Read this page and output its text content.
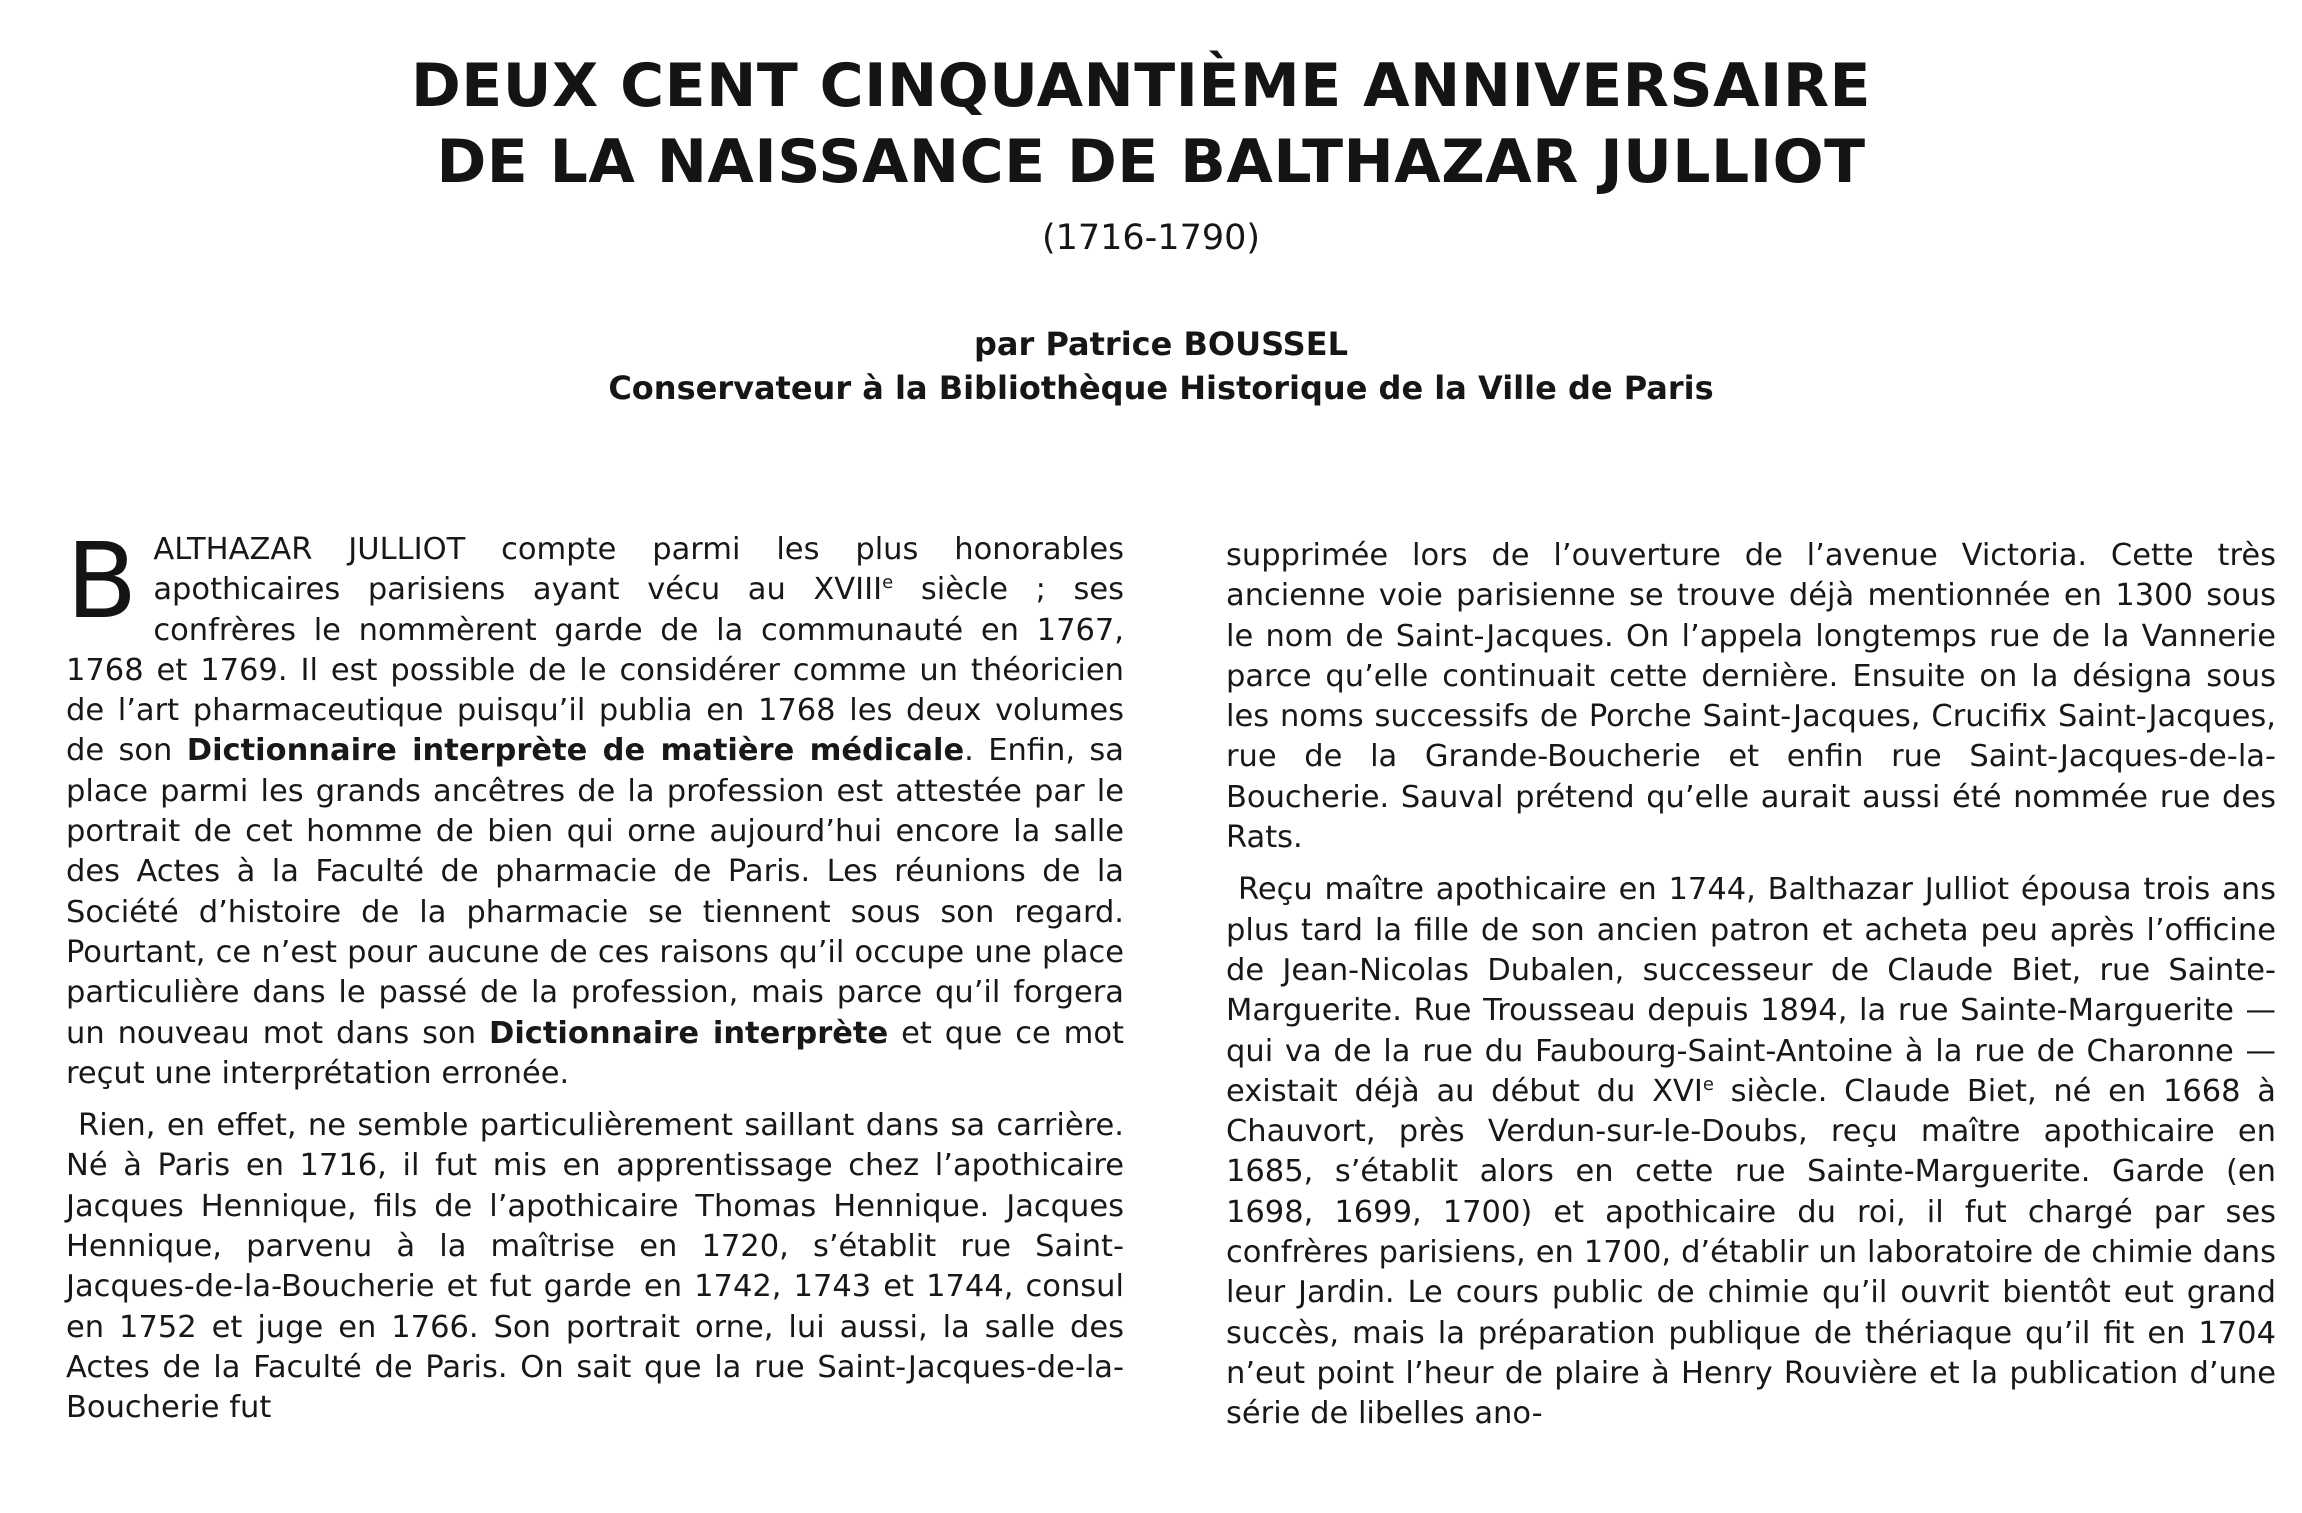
DEUX CENT CINQUANTIÈME ANNIVERSAIRE
DE LA NAISSANCE DE BALTHAZAR JULLIOT
(1716-1790)
par Patrice BOUSSEL
Conservateur à la Bibliothèque Historique de la Ville de Paris

BALTHAZAR JULLIOT compte parmi les plus honorables apothicaires parisiens ayant vécu au XVIIIe siècle ; ses confrères le nommèrent garde de la communauté en 1767, 1768 et 1769. Il est possible de le considérer comme un théoricien de l’art pharmaceutique puisqu’il publia en 1768 les deux volumes de son Dictionnaire interprète de matière médicale. Enfin, sa place parmi les grands ancêtres de la profession est attestée par le portrait de cet homme de bien qui orne aujourd’hui encore la salle des Actes à la Faculté de pharmacie de Paris. Les réunions de la Société d’histoire de la pharmacie se tiennent sous son regard. Pourtant, ce n’est pour aucune de ces raisons qu’il occupe une place particulière dans le passé de la profession, mais parce qu’il forgera un nouveau mot dans son Dictionnaire interprète et que ce mot reçut une interprétation erronée.

Rien, en effet, ne semble particulièrement saillant dans sa carrière. Né à Paris en 1716, il fut mis en apprentissage chez l’apothicaire Jacques Hennique, fils de l’apothicaire Thomas Hennique. Jacques Hennique, parvenu à la maîtrise en 1720, s’établit rue Saint-Jacques-de-la-Boucherie et fut garde en 1742, 1743 et 1744, consul en 1752 et juge en 1766. Son portrait orne, lui aussi, la salle des Actes de la Faculté de Paris. On sait que la rue Saint-Jacques-de-la-Boucherie fut

supprimée lors de l’ouverture de l’avenue Victoria. Cette très ancienne voie parisienne se trouve déjà mentionnée en 1300 sous le nom de Saint-Jacques. On l’appela longtemps rue de la Vannerie parce qu’elle continuait cette dernière. Ensuite on la désigna sous les noms successifs de Porche Saint-Jacques, Crucifix Saint-Jacques, rue de la Grande-Boucherie et enfin rue Saint-Jacques-de-la-Boucherie. Sauval prétend qu’elle aurait aussi été nommée rue des Rats.

Reçu maître apothicaire en 1744, Balthazar Julliot épousa trois ans plus tard la fille de son ancien patron et acheta peu après l’officine de Jean-Nicolas Dubalen, successeur de Claude Biet, rue Sainte-Marguerite. Rue Trousseau depuis 1894, la rue Sainte-Marguerite — qui va de la rue du Faubourg-Saint-Antoine à la rue de Charonne — existait déjà au début du XVIe siècle. Claude Biet, né en 1668 à Chauvort, près Verdun-sur-le-Doubs, reçu maître apothicaire en 1685, s’établit alors en cette rue Sainte-Marguerite. Garde (en 1698, 1699, 1700) et apothicaire du roi, il fut chargé par ses confrères parisiens, en 1700, d’établir un laboratoire de chimie dans leur Jardin. Le cours public de chimie qu’il ouvrit bientôt eut grand succès, mais la préparation publique de thériaque qu’il fit en 1704 n’eut point l’heur de plaire à Henry Rouvière et la publication d’une série de libelles ano-
